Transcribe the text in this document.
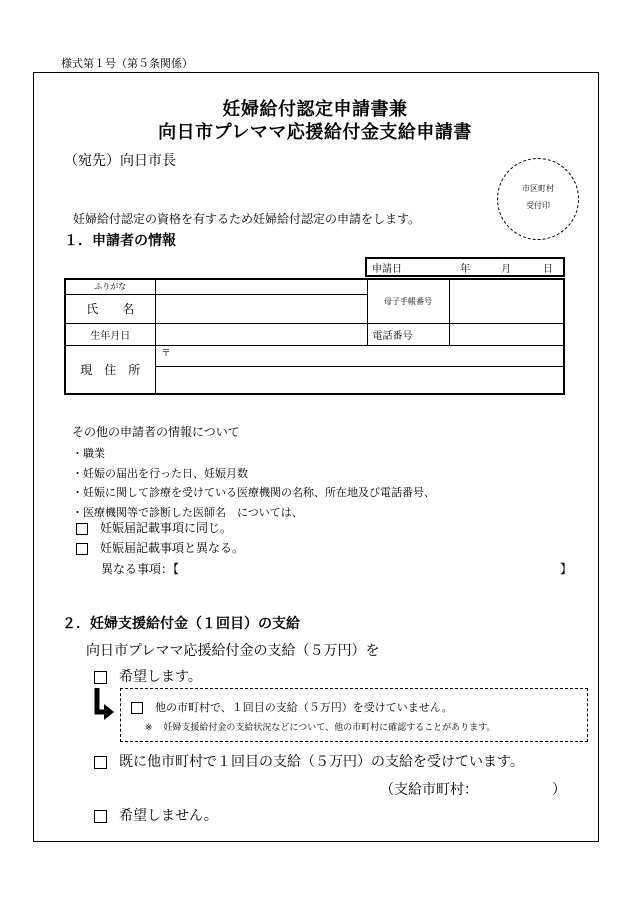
様式第１号（第５条関係）
妊婦給付認定申請書兼
向日市プレママ応援給付金支給申請書
（宛先）向日市長
市区町村
受付印
妊婦給付認定の資格を有するため妊婦給付認定の申請をします。
１．申請者の情報
申請日	年	月	日
ふりがな		母子手帳番号	
氏　　名			
生年月日		電話番号	
現　住　所	〒		

その他の申請者の情報について
・職業
・妊娠の届出を行った日、妊娠月数
・妊娠に関して診療を受けている医療機関の名称、所在地及び電話番号、
・医療機関等で診断した医師名　については、
妊娠届記載事項に同じ。
妊娠届記載事項と異なる。
異なる事項：【	】
２．妊婦支援給付金（１回目）の支給
向日市プレママ応援給付金の支給（５万円）を
希望します。
他の市町村で、１回目の支給（５万円）を受けていません。
※ 妊婦支援給付金の支給状況などについて、他の市町村に確認することがあります。
既に他市町村で１回目の支給（５万円）の支給を受けています。
（支給市町村：	）
希望しません。
